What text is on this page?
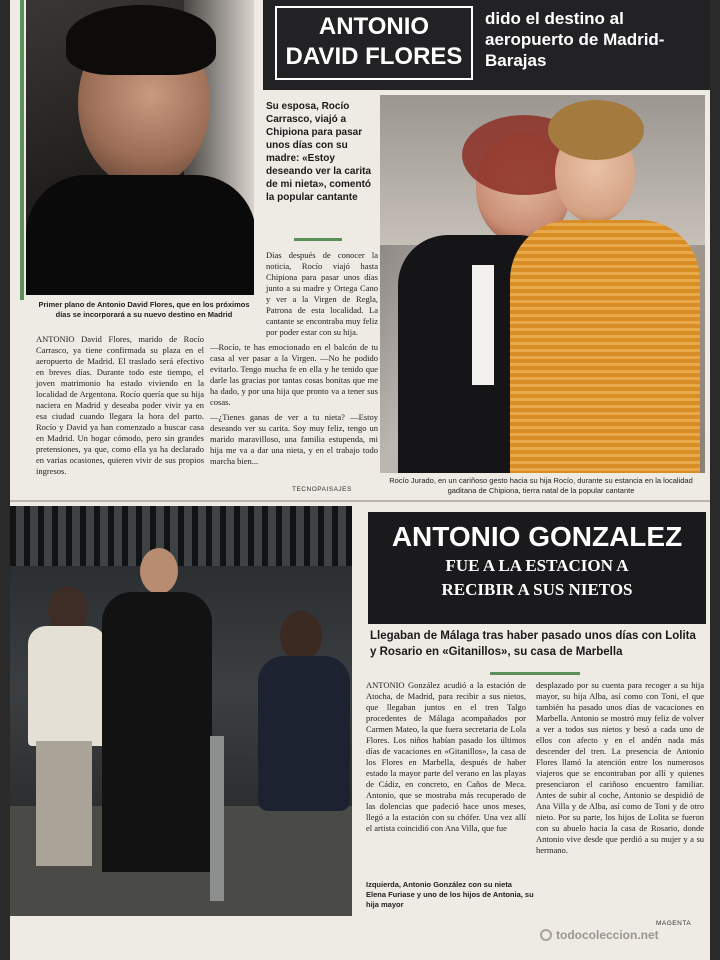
ANTONIO
DAVID FLORES
dido el destino al aeropuerto de Madrid-Barajas
Su esposa, Rocío Carrasco, viajó a Chipiona para pasar unos días con su madre: «Estoy deseando ver la carita de mi nieta», comentó la popular cantante
Primer plano de Antonio David Flores, que en los próximos días se incorporará a su nuevo destino en Madrid

ANTONIO David Flores, marido de Rocío Carrasco, ya tiene confirmada su plaza en el aeropuerto de Madrid. El traslado será efectivo en breves días. Durante todo este tiempo, el joven matrimonio ha estado viviendo en la localidad de Argentona. Rocío quería que su hija naciera en Madrid y deseaba poder vivir ya en esa ciudad cuando llegara la hora del parto. Rocío y David ya han comenzado a buscar casa en Madrid. Un hogar cómodo, pero sin grandes pretensiones, ya que, como ella ya ha declarado en varias ocasiones, quieren vivir de sus propios ingresos.

Días después de conocer la noticia, Rocío viajó hasta Chipiona para pasar unos días junto a su madre y Ortega Cano y ver a la Virgen de Regla, Patrona de esta localidad. La cantante se encontraba muy feliz por poder estar con su hija.

—Rocío, te has emocionado en el balcón de tu casa al ver pasar a la Virgen. —No he podido evitarlo. Tengo mucha fe en ella y he tenido que darle las gracias por tantas cosas bonitas que me ha dado, y por una hija que pronto va a tener sus cosas.

—¿Tienes ganas de ver a tu nieta? —Estoy deseando ver su carita. Soy muy feliz, tengo un marido maravilloso, una familia estupenda, mi hija me va a dar una nieta, y en el trabajo todo marcha bien...

TECNOPAISAJES
Rocío Jurado, en un cariñoso gesto hacia su hija Rocío, durante su estancia en la localidad gaditana de Chipiona, tierra natal de la popular cantante
ANTONIO GONZALEZ
FUE A LA ESTACION A
RECIBIR A SUS NIETOS
Llegaban de Málaga tras haber pasado unos días con Lolita y Rosario en «Gitanillos», su casa de Marbella

ANTONIO González acudió a la estación de Atocha, de Madrid, para recibir a sus nietos, que llegaban juntos en el tren Talgo procedentes de Málaga acompañados por Carmen Mateo, la que fuera secretaria de Lola Flores. Los niños habían pasado los últimos días de vacaciones en «Gitanillos», la casa de los Flores en Marbella, después de haber estado la mayor parte del verano en las playas de Cádiz, en concreto, en Caños de Meca. Antonio, que se mostraba más recuperado de las dolencias que padeció hace unos meses, llegó a la estación con su chófer. Una vez allí el artista coincidió con Ana Villa, que fue

desplazado por su cuenta para recoger a su hija mayor, su hija Alba, así como con Toni, el que también ha pasado unos días de vacaciones en Marbella. Antonio se mostró muy feliz de volver a ver a todos sus nietos y besó a cada uno de ellos con afecto y en el andén nada más descender del tren. La presencia de Antonio Flores llamó la atención entre los numerosos viajeros que se encontraban por allí y quienes presenciaron el cariñoso encuentro familiar. Antes de subir al coche, Antonio se despidió de Ana Villa y de Alba, así como de Toni y de otro nieto. Por su parte, los hijos de Lolita se fueron con su abuelo hacia la casa de Rosario, donde Antonio vive desde que perdió a su mujer y a su hermano.

Izquierda, Antonio González con su nieta Elena Furiase y uno de los hijos de Antonia, su hija mayor
MAGENTA
todocoleccion.net
